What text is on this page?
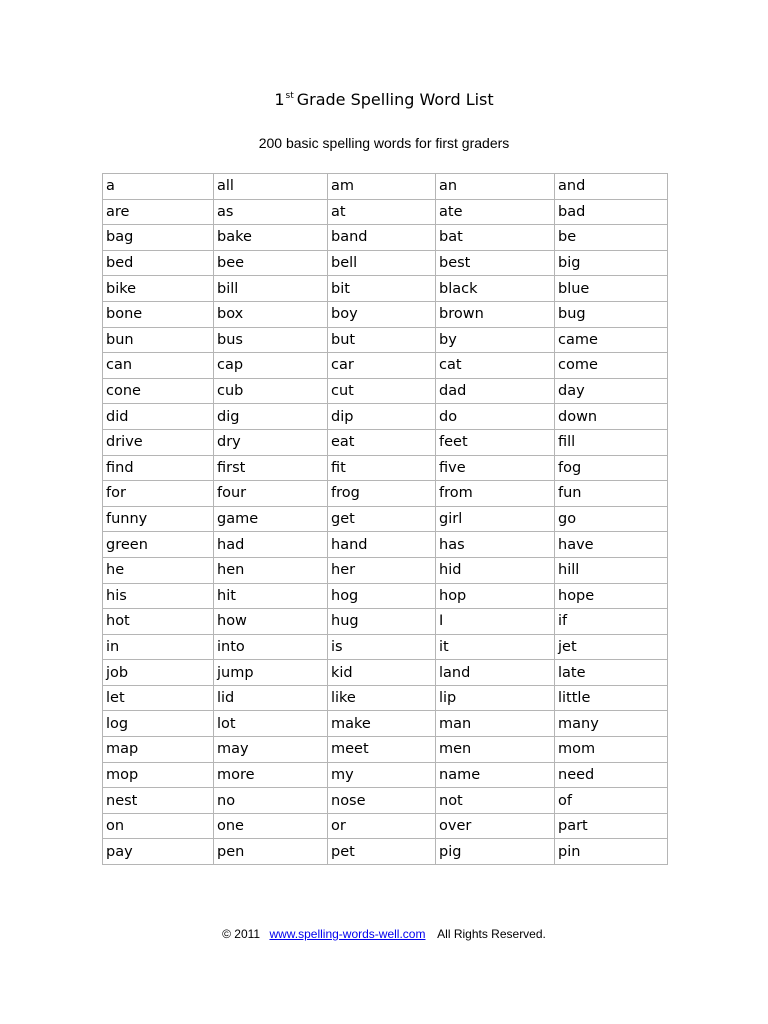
1st Grade Spelling Word List
200 basic spelling words for first graders
a	all	am	an	and
are	as	at	ate	bad
bag	bake	band	bat	be
bed	bee	bell	best	big
bike	bill	bit	black	blue
bone	box	boy	brown	bug
bun	bus	but	by	came
can	cap	car	cat	come
cone	cub	cut	dad	day
did	dig	dip	do	down
drive	dry	eat	feet	fill
find	first	fit	five	fog
for	four	frog	from	fun
funny	game	get	girl	go
green	had	hand	has	have
he	hen	her	hid	hill
his	hit	hog	hop	hope
hot	how	hug	I	if
in	into	is	it	jet
job	jump	kid	land	late
let	lid	like	lip	little
log	lot	make	man	many
map	may	meet	men	mom
mop	more	my	name	need
nest	no	nose	not	of
on	one	or	over	part
pay	pen	pet	pig	pin
© 2011 www.spelling-words-well.com All Rights Reserved.
